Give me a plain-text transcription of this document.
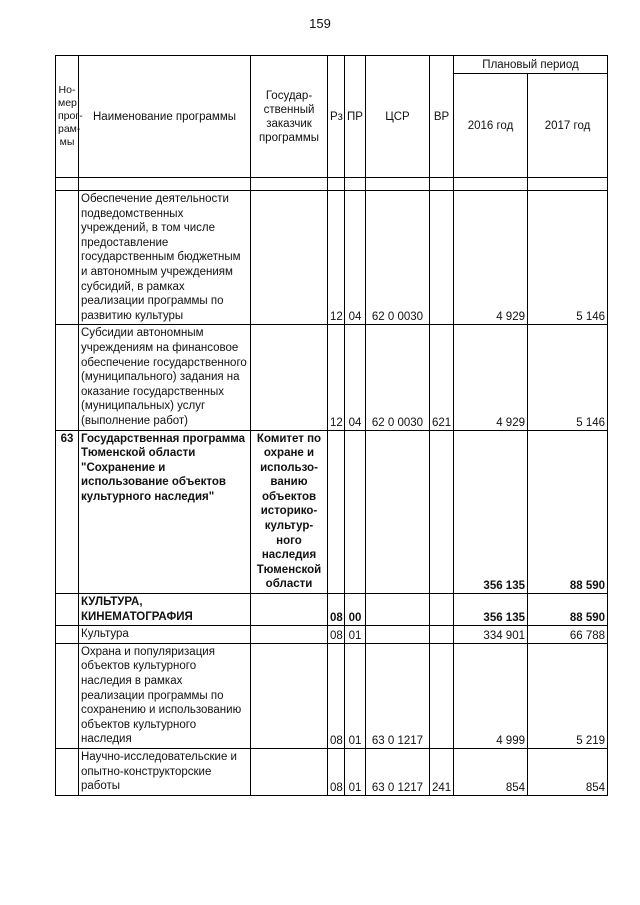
159
Но-
мер
прог-
рам-
мы	Наименование программы	Государ-
ственный
заказчик
программы	Рз	ПР	ЦСР	ВР	Плановый период	
							2016 год	2017 год

	Обеспечение деятельности подведомственных учреждений, в том числе предоставление государственным бюджетным и автономным учреждениям субсидий, в рамках реализации программы по развитию культуры		12	04	62 0 0030		4 929	5 146
	Субсидии автономным учреждениям на финансовое обеспечение государственного (муниципального) задания на оказание государственных (муниципальных) услуг (выполнение работ)		12	04	62 0 0030	621	4 929	5 146
63	Государственная программа Тюменской области "Сохранение и использование объектов культурного наследия"	Комитет по охране и использо-ванию объектов историко-культур-ного наследия Тюменской области					356 135	88 590
	КУЛЬТУРА, КИНЕМАТОГРАФИЯ		08	00			356 135	88 590
	Культура		08	01			334 901	66 788
	Охрана и популяризация объектов культурного наследия в рамках реализации программы по сохранению и использованию объектов культурного наследия		08	01	63 0 1217		4 999	5 219
	Научно-исследовательские и опытно-конструкторские работы		08	01	63 0 1217	241	854	854
